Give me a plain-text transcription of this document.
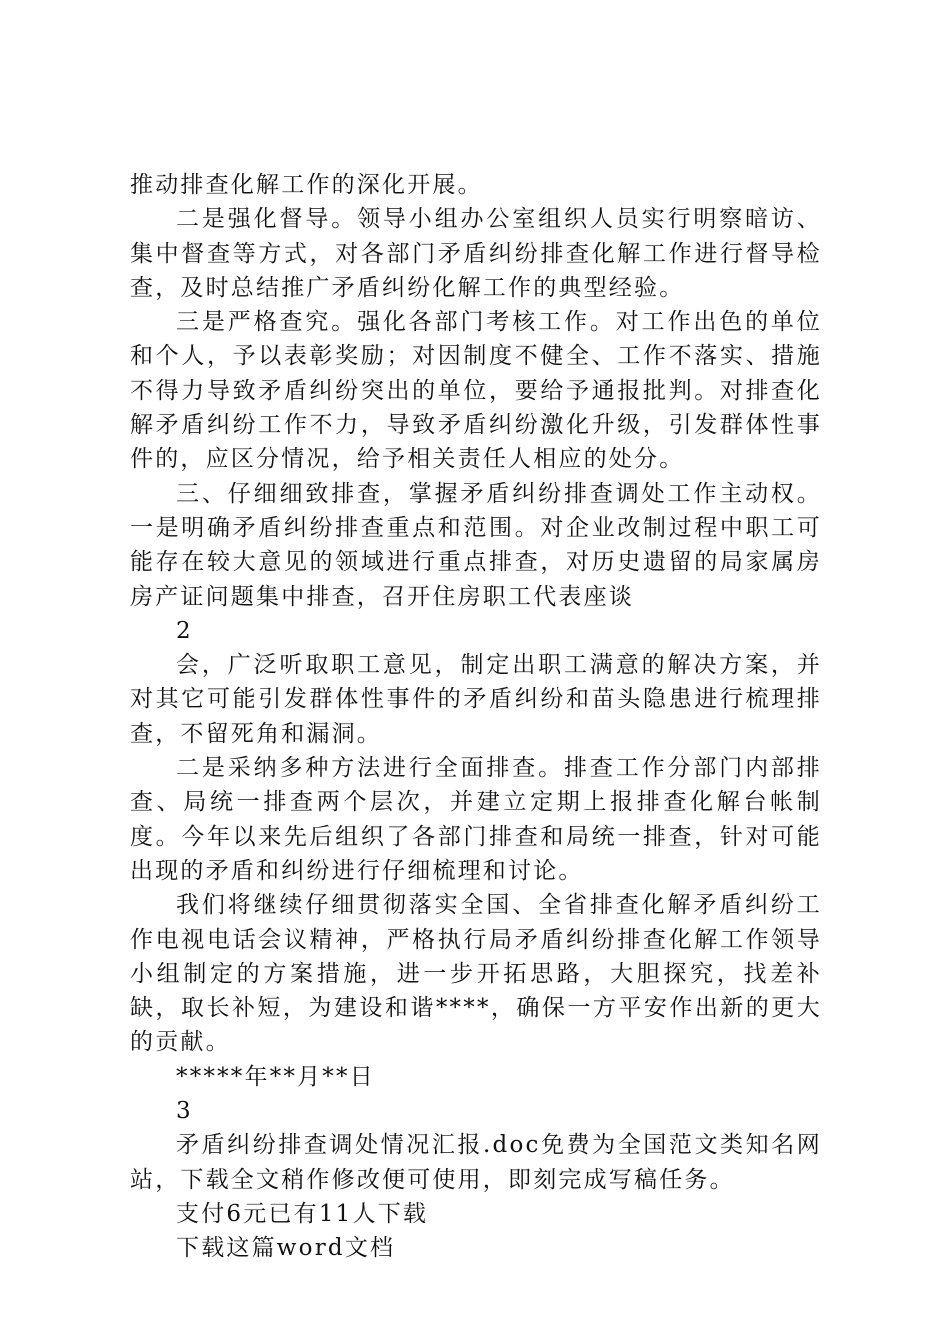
推动排查化解工作的深化开展。

二是强化督导。领导小组办公室组织人员实行明察暗访、集中督查等方式，对各部门矛盾纠纷排查化解工作进行督导检查，及时总结推广矛盾纠纷化解工作的典型经验。

三是严格查究。强化各部门考核工作。对工作出色的单位和个人，予以表彰奖励；对因制度不健全、工作不落实、措施不得力导致矛盾纠纷突出的单位，要给予通报批判。对排查化解矛盾纠纷工作不力，导致矛盾纠纷激化升级，引发群体性事件的，应区分情况，给予相关责任人相应的处分。

三、仔细细致排查，掌握矛盾纠纷排查调处工作主动权。一是明确矛盾纠纷排查重点和范围。对企业改制过程中职工可能存在较大意见的领域进行重点排查，对历史遗留的局家属房房产证问题集中排查，召开住房职工代表座谈

2

会，广泛听取职工意见，制定出职工满意的解决方案，并对其它可能引发群体性事件的矛盾纠纷和苗头隐患进行梳理排查，不留死角和漏洞。

二是采纳多种方法进行全面排查。排查工作分部门内部排查、局统一排查两个层次，并建立定期上报排查化解台帐制度。今年以来先后组织了各部门排查和局统一排查，针对可能出现的矛盾和纠纷进行仔细梳理和讨论。

我们将继续仔细贯彻落实全国、全省排查化解矛盾纠纷工作电视电话会议精神，严格执行局矛盾纠纷排查化解工作领导小组制定的方案措施，进一步开拓思路，大胆探究，找差补缺，取长补短，为建设和谐****，确保一方平安作出新的更大的贡献。

*****年**月**日

3

矛盾纠纷排查调处情况汇报.doc免费为全国范文类知名网站，下载全文稍作修改便可使用，即刻完成写稿任务。

支付6元已有11人下载

下载这篇word文档
